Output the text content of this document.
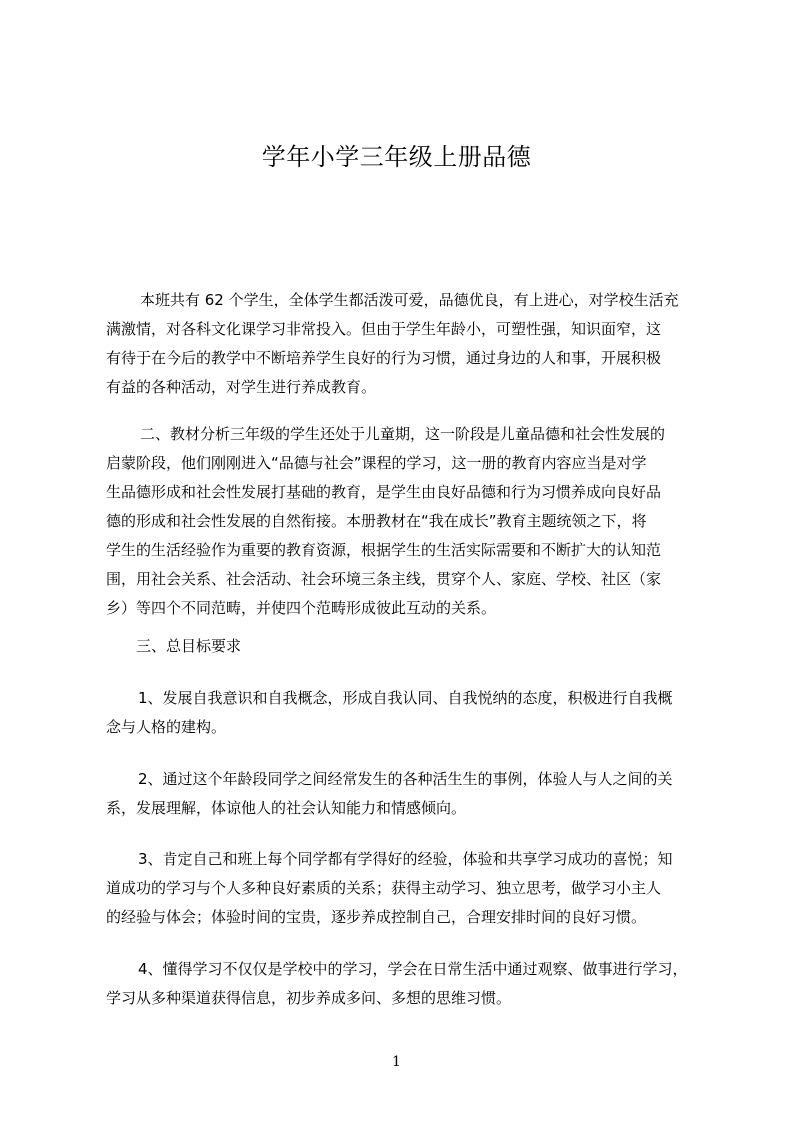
学年小学三年级上册品德
本班共有 62 个学生，全体学生都活泼可爱，品德优良，有上进心，对学校生活充
满激情，对各科文化课学习非常投入。但由于学生年龄小，可塑性强，知识面窄，这
有待于在今后的教学中不断培养学生良好的行为习惯，通过身边的人和事，开展积极
有益的各种活动，对学生进行养成教育。
二、教材分析三年级的学生还处于儿童期，这一阶段是儿童品德和社会性发展的
启蒙阶段，他们刚刚进入“品德与社会”课程的学习，这一册的教育内容应当是对学
生品德形成和社会性发展打基础的教育，是学生由良好品德和行为习惯养成向良好品
德的形成和社会性发展的自然衔接。本册教材在“我在成长”教育主题统领之下，将
学生的生活经验作为重要的教育资源，根据学生的生活实际需要和不断扩大的认知范
围，用社会关系、社会活动、社会环境三条主线，贯穿个人、家庭、学校、社区（家
乡）等四个不同范畴，并使四个范畴形成彼此互动的关系。
三、总目标要求
1、发展自我意识和自我概念，形成自我认同、自我悦纳的态度，积极进行自我概
念与人格的建构。
2、通过这个年龄段同学之间经常发生的各种活生生的事例，体验人与人之间的关
系，发展理解，体谅他人的社会认知能力和情感倾向。
3、肯定自己和班上每个同学都有学得好的经验，体验和共享学习成功的喜悦；知
道成功的学习与个人多种良好素质的关系；获得主动学习、独立思考，做学习小主人
的经验与体会；体验时间的宝贵，逐步养成控制自己，合理安排时间的良好习惯。
4、懂得学习不仅仅是学校中的学习，学会在日常生活中通过观察、做事进行学习，
学习从多种渠道获得信息，初步养成多问、多想的思维习惯。
1
